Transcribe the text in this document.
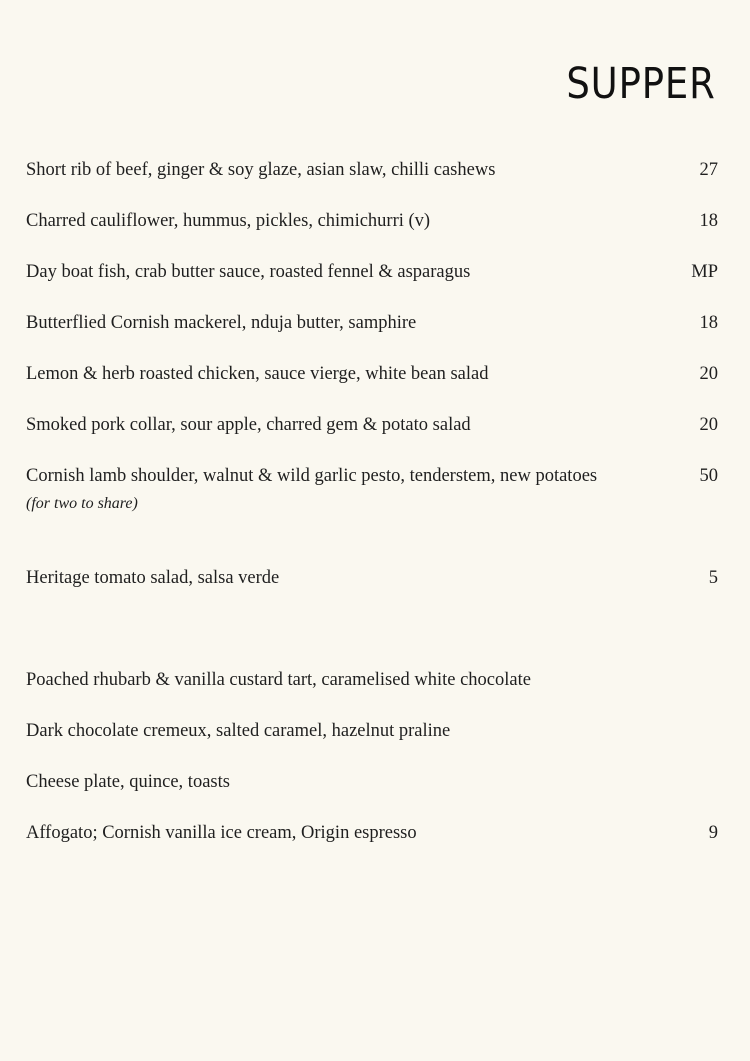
SUPPER
Short rib of beef, ginger & soy glaze, asian slaw, chilli cashews	27
Charred cauliflower, hummus, pickles, chimichurri (v)	18
Day boat fish, crab butter sauce, roasted fennel & asparagus	MP
Butterflied Cornish mackerel, nduja butter, samphire	18
Lemon & herb roasted chicken, sauce vierge, white bean salad	20
Smoked pork collar, sour apple, charred gem & potato salad	20
Cornish lamb shoulder, walnut & wild garlic pesto, tenderstem, new potatoes	50
(for two to share)
Heritage tomato salad, salsa verde	5
Poached rhubarb & vanilla custard tart, caramelised white chocolate
Dark chocolate cremeux, salted caramel, hazelnut praline
Cheese plate, quince, toasts
Affogato; Cornish vanilla ice cream, Origin espresso	9
